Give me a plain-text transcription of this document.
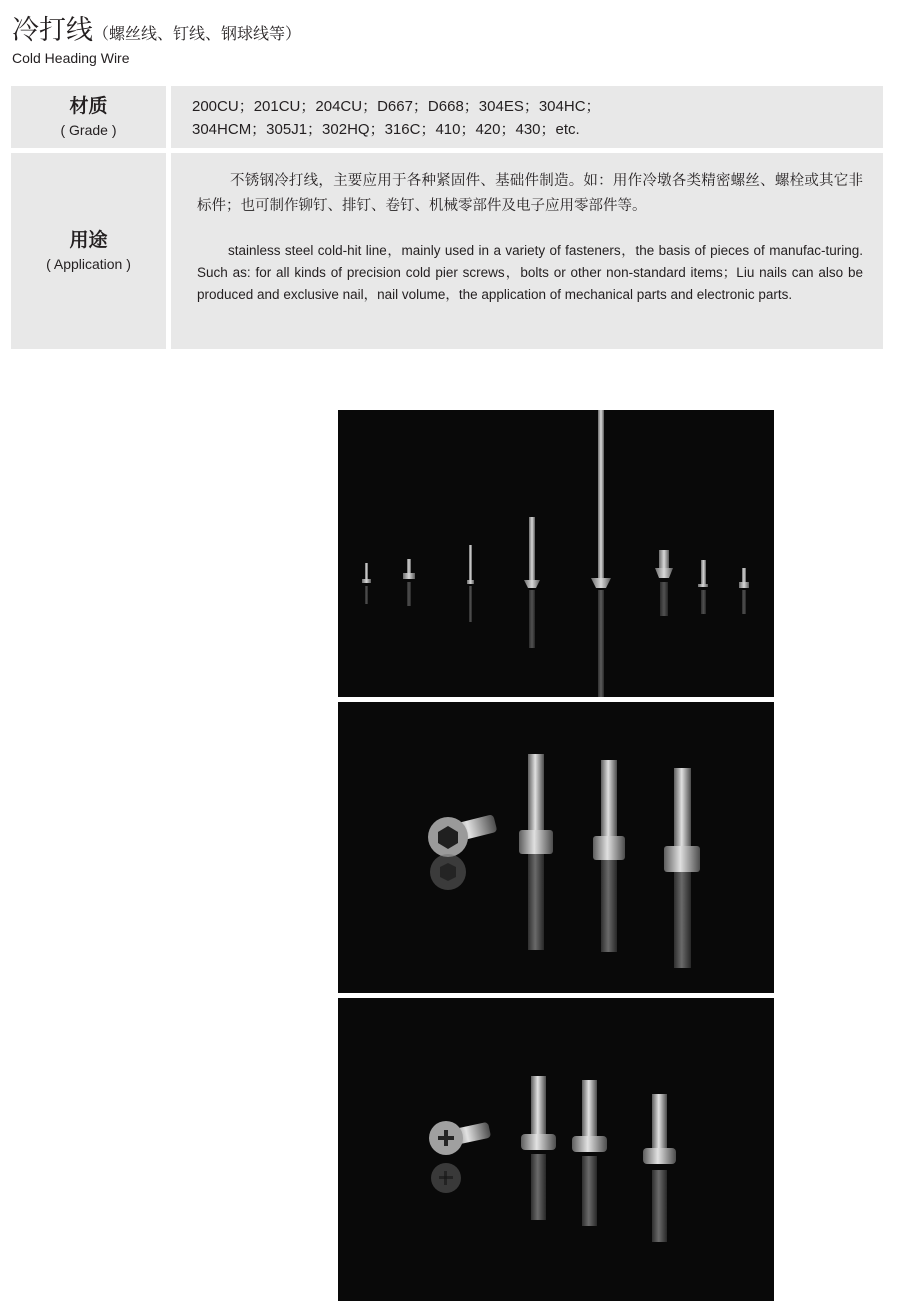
冷打线（螺丝线、钉线、钢球线等）
Cold Heading Wire
材质
( Grade )
200CU；201CU；204CU；D667；D668；304ES；304HC；
304HCM；305J1；302HQ；316C；410；420；430；etc.
用途
( Application )
不锈钢冷打线，主要应用于各种紧固件、基础件制造。如：用作冷墩各类精密螺丝、螺栓或其它非标件；也可制作铆钉、排钉、卷钉、机械零部件及电子应用零部件等。
stainless steel cold-hit line，mainly used in a variety of fasteners，the basis of pieces of manufac-turing. Such as: for all kinds of precision cold pier screws，bolts or other non-standard items；Liu nails can also be produced and exclusive nail，nail volume，the application of mechanical parts and electronic parts.
